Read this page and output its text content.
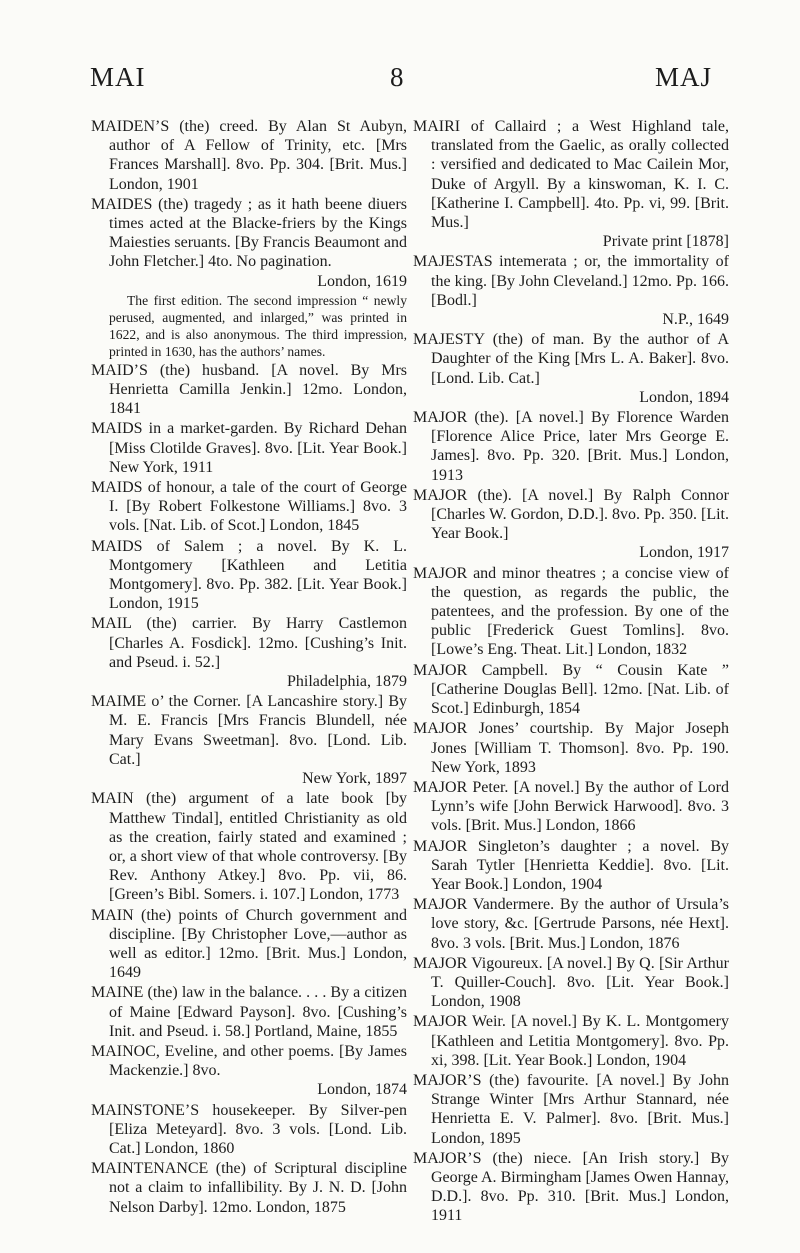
MAI	8	MAJ
MAIDEN’S (the) creed. By Alan St Aubyn, author of A Fellow of Trinity, etc. [Mrs Frances Marshall]. 8vo. Pp. 304. [Brit. Mus.] London, 1901
MAIDES (the) tragedy ; as it hath beene diuers times acted at the Blacke-friers by the Kings Maiesties seruants. [By Francis Beaumont and John Fletcher.] 4to. No pagination.
London, 1619
The first edition. The second impression “ newly perused, augmented, and inlarged,” was printed in 1622, and is also anonymous. The third impression, printed in 1630, has the authors’ names.
MAID’S (the) husband. [A novel. By Mrs Henrietta Camilla Jenkin.] 12mo. London, 1841
MAIDS in a market-garden. By Richard Dehan [Miss Clotilde Graves]. 8vo. [Lit. Year Book.] New York, 1911
MAIDS of honour, a tale of the court of George I. [By Robert Folkestone Williams.] 8vo. 3 vols. [Nat. Lib. of Scot.] London, 1845
MAIDS of Salem ; a novel. By K. L. Montgomery [Kathleen and Letitia Montgomery]. 8vo. Pp. 382. [Lit. Year Book.] London, 1915
MAIL (the) carrier. By Harry Castlemon [Charles A. Fosdick]. 12mo. [Cushing’s Init. and Pseud. i. 52.]
Philadelphia, 1879
MAIME o’ the Corner. [A Lancashire story.] By M. E. Francis [Mrs Francis Blundell, née Mary Evans Sweetman]. 8vo. [Lond. Lib. Cat.]
New York, 1897
MAIN (the) argument of a late book [by Matthew Tindal], entitled Christianity as old as the creation, fairly stated and examined ; or, a short view of that whole controversy. [By Rev. Anthony Atkey.] 8vo. Pp. vii, 86. [Green’s Bibl. Somers. i. 107.] London, 1773
MAIN (the) points of Church government and discipline. [By Christopher Love,—author as well as editor.] 12mo. [Brit. Mus.] London, 1649
MAINE (the) law in the balance. . . . By a citizen of Maine [Edward Payson]. 8vo. [Cushing’s Init. and Pseud. i. 58.] Portland, Maine, 1855
MAINOC, Eveline, and other poems. [By James Mackenzie.] 8vo.
London, 1874
MAINSTONE’S housekeeper. By Silver-pen [Eliza Meteyard]. 8vo. 3 vols. [Lond. Lib. Cat.] London, 1860
MAINTENANCE (the) of Scriptural discipline not a claim to infallibility. By J. N. D. [John Nelson Darby]. 12mo. London, 1875
MAIRI of Callaird ; a West Highland tale, translated from the Gaelic, as orally collected : versified and dedicated to Mac Cailein Mor, Duke of Argyll. By a kinswoman, K. I. C. [Katherine I. Campbell]. 4to. Pp. vi, 99. [Brit. Mus.]
Private print [1878]
MAJESTAS intemerata ; or, the immortality of the king. [By John Cleveland.] 12mo. Pp. 166. [Bodl.]
N.P., 1649
MAJESTY (the) of man. By the author of A Daughter of the King [Mrs L. A. Baker]. 8vo. [Lond. Lib. Cat.]
London, 1894
MAJOR (the). [A novel.] By Florence Warden [Florence Alice Price, later Mrs George E. James]. 8vo. Pp. 320. [Brit. Mus.] London, 1913
MAJOR (the). [A novel.] By Ralph Connor [Charles W. Gordon, D.D.]. 8vo. Pp. 350. [Lit. Year Book.]
London, 1917
MAJOR and minor theatres ; a concise view of the question, as regards the public, the patentees, and the profession. By one of the public [Frederick Guest Tomlins]. 8vo. [Lowe’s Eng. Theat. Lit.] London, 1832
MAJOR Campbell. By “ Cousin Kate ” [Catherine Douglas Bell]. 12mo. [Nat. Lib. of Scot.] Edinburgh, 1854
MAJOR Jones’ courtship. By Major Joseph Jones [William T. Thomson]. 8vo. Pp. 190. New York, 1893
MAJOR Peter. [A novel.] By the author of Lord Lynn’s wife [John Berwick Harwood]. 8vo. 3 vols. [Brit. Mus.] London, 1866
MAJOR Singleton’s daughter ; a novel. By Sarah Tytler [Henrietta Keddie]. 8vo. [Lit. Year Book.] London, 1904
MAJOR Vandermere. By the author of Ursula’s love story, &c. [Gertrude Parsons, née Hext]. 8vo. 3 vols. [Brit. Mus.] London, 1876
MAJOR Vigoureux. [A novel.] By Q. [Sir Arthur T. Quiller-Couch]. 8vo. [Lit. Year Book.] London, 1908
MAJOR Weir. [A novel.] By K. L. Montgomery [Kathleen and Letitia Montgomery]. 8vo. Pp. xi, 398. [Lit. Year Book.] London, 1904
MAJOR’S (the) favourite. [A novel.] By John Strange Winter [Mrs Arthur Stannard, née Henrietta E. V. Palmer]. 8vo. [Brit. Mus.] London, 1895
MAJOR’S (the) niece. [An Irish story.] By George A. Birmingham [James Owen Hannay, D.D.]. 8vo. Pp. 310. [Brit. Mus.] London, 1911
